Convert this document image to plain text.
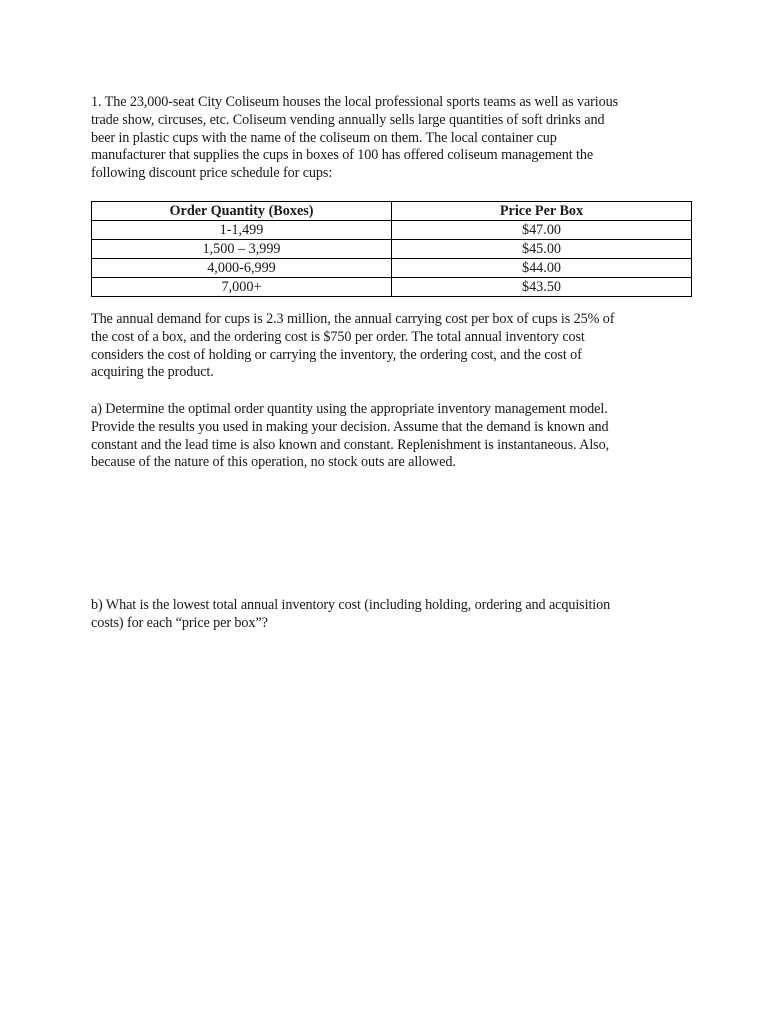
1. The 23,000-seat City Coliseum houses the local professional sports teams as well as various
trade show, circuses, etc. Coliseum vending annually sells large quantities of soft drinks and
beer in plastic cups with the name of the coliseum on them. The local container cup
manufacturer that supplies the cups in boxes of 100 has offered coliseum management the
following discount price schedule for cups:

Order Quantity (Boxes)	Price Per Box
1-1,499	$47.00
1,500 – 3,999	$45.00
4,000-6,999	$44.00
7,000+	$43.50

The annual demand for cups is 2.3 million, the annual carrying cost per box of cups is 25% of
the cost of a box, and the ordering cost is $750 per order. The total annual inventory cost
considers the cost of holding or carrying the inventory, the ordering cost, and the cost of
acquiring the product.

a) Determine the optimal order quantity using the appropriate inventory management model.
Provide the results you used in making your decision. Assume that the demand is known and
constant and the lead time is also known and constant. Replenishment is instantaneous. Also,
because of the nature of this operation, no stock outs are allowed.

b) What is the lowest total annual inventory cost (including holding, ordering and acquisition
costs) for each “price per box”?
